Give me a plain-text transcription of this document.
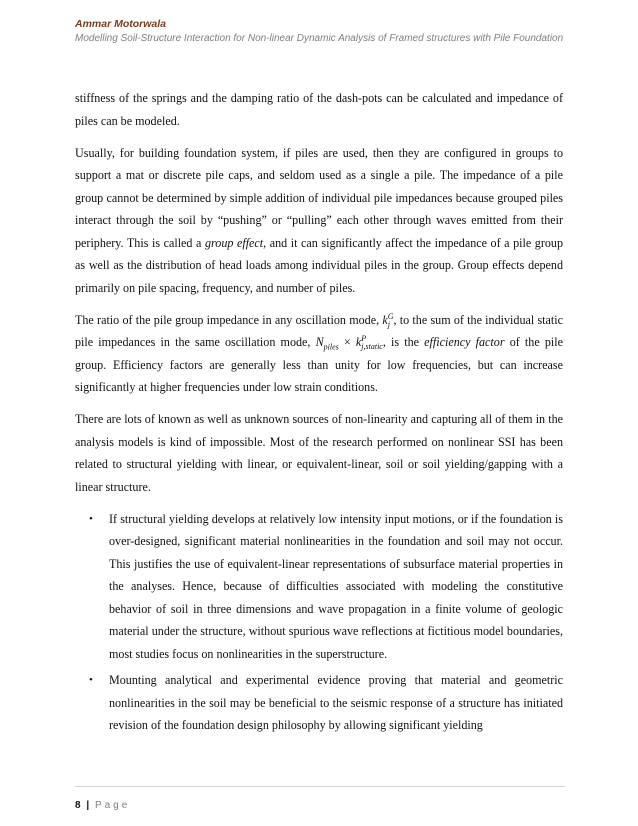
Ammar Motorwala
Modelling Soil-Structure Interaction for Non-linear Dynamic Analysis of Framed structures with Pile Foundation

stiffness of the springs and the damping ratio of the dash-pots can be calculated and impedance of piles can be modeled.

Usually, for building foundation system, if piles are used, then they are configured in groups to support a mat or discrete pile caps, and seldom used as a single a pile. The impedance of a pile group cannot be determined by simple addition of individual pile impedances because grouped piles interact through the soil by “pushing” or “pulling” each other through waves emitted from their periphery. This is called a group effect, and it can significantly affect the impedance of a pile group as well as the distribution of head loads among individual piles in the group. Group effects depend primarily on pile spacing, frequency, and number of piles.

The ratio of the pile group impedance in any oscillation mode, k G
j , to the sum of the individual static pile impedances in the same oscillation mode, $N_{piles} \times k$ P
j,static , is the efficiency factor of the pile group. Efficiency factors are generally less than unity for low frequencies, but can increase significantly at higher frequencies under low strain conditions.

There are lots of known as well as unknown sources of non-linearity and capturing all of them in the analysis models is kind of impossible. Most of the research performed on nonlinear SSI has been related to structural yielding with linear, or equivalent-linear, soil or soil yielding/gapping with a linear structure.

• If structural yielding develops at relatively low intensity input motions, or if the foundation is over-designed, significant material nonlinearities in the foundation and soil may not occur. This justifies the use of equivalent-linear representations of subsurface material properties in the analyses. Hence, because of difficulties associated with modeling the constitutive behavior of soil in three dimensions and wave propagation in a finite volume of geologic material under the structure, without spurious wave reflections at fictitious model boundaries, most studies focus on nonlinearities in the superstructure.
• Mounting analytical and experimental evidence proving that material and geometric nonlinearities in the soil may be beneficial to the seismic response of a structure has initiated revision of the foundation design philosophy by allowing significant yielding
8 | Page
